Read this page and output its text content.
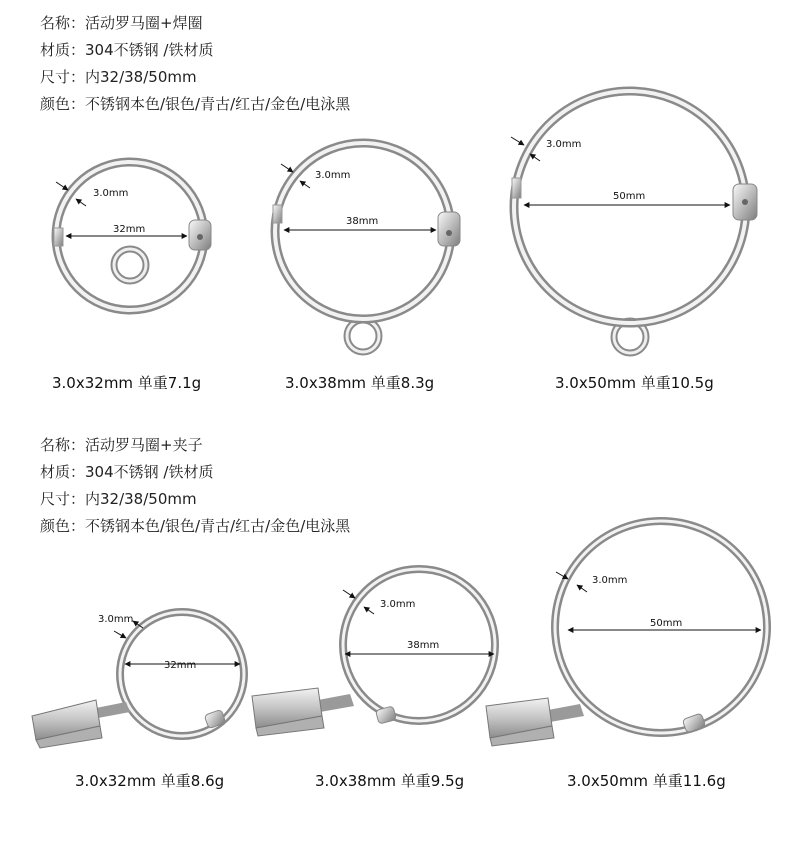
名称：活动罗马圈+焊圈
材质：304不锈钢 /铁材质
尺寸：内32/38/50mm
颜色：不锈钢本色/银色/青古/红古/金色/电泳黑
名称：活动罗马圈+夹子
材质：304不锈钢 /铁材质
尺寸：内32/38/50mm
颜色：不锈钢本色/银色/青古/红古/金色/电泳黑
3.0mm
32mm
3.0mm
38mm
3.0mm
50mm
3.0mm
32mm
3.0mm
38mm
3.0mm
50mm
3.0x32mm 单重7.1g	3.0x38mm 单重8.3g	3.0x50mm 单重10.5g
3.0x32mm 单重8.6g	3.0x38mm 单重9.5g	3.0x50mm 单重11.6g
